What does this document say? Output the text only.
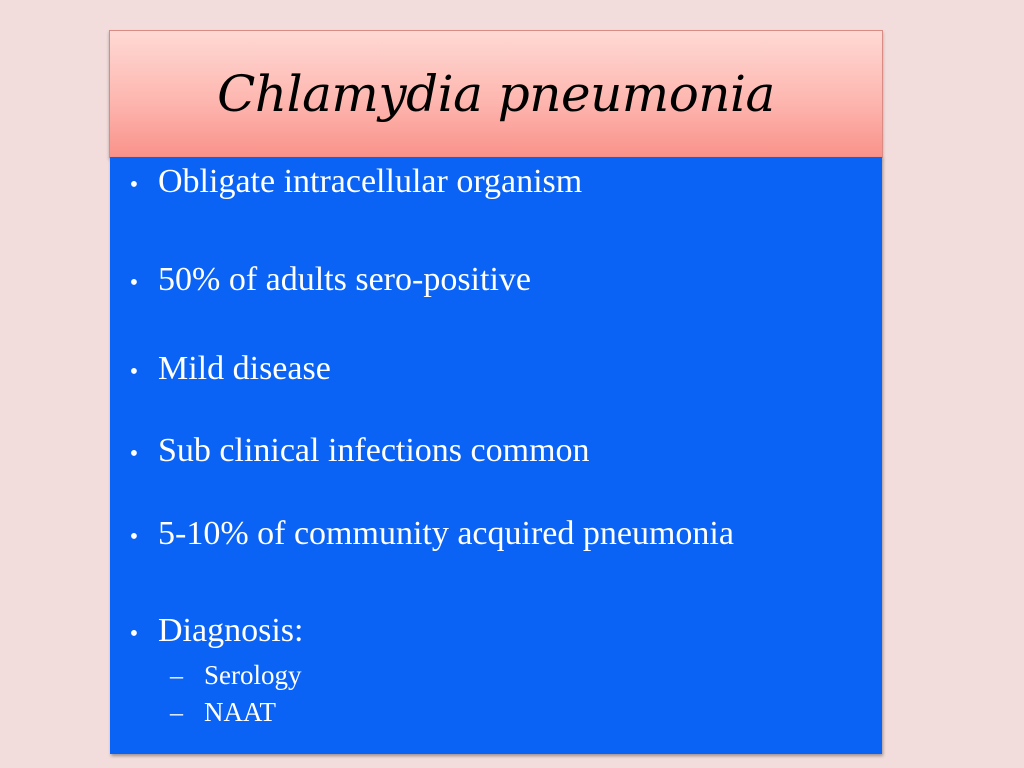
Chlamydia pneumonia
• Obligate intracellular organism
• 50% of adults sero-positive
• Mild disease
• Sub clinical infections common
• 5-10% of community acquired pneumonia
• Diagnosis:
– Serology
– NAAT
